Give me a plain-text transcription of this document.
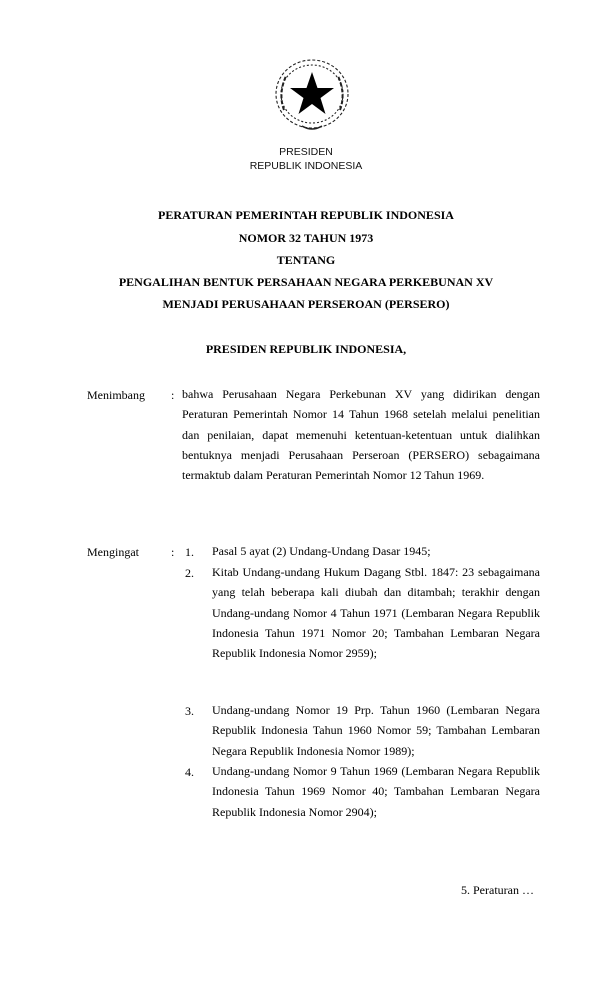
PRESIDEN
REPUBLIK INDONESIA
PERATURAN PEMERINTAH REPUBLIK INDONESIA
NOMOR 32 TAHUN 1973
TENTANG
PENGALIHAN BENTUK PERSAHAAN NEGARA PERKEBUNAN XV
MENJADI PERUSAHAAN PERSEROAN (PERSERO)
PRESIDEN REPUBLIK INDONESIA,
Menimbang : bahwa Perusahaan Negara Perkebunan XV yang didirikan dengan Peraturan Pemerintah Nomor 14 Tahun 1968 setelah melalui penelitian dan penilaian, dapat memenuhi ketentuan-ketentuan untuk dialihkan bentuknya menjadi Perusahaan Perseroan (PERSERO) sebagaimana termaktub dalam Peraturan Pemerintah Nomor 12 Tahun 1969.
Mengingat	: 1. Pasal 5 ayat (2) Undang-Undang Dasar 1945;
2. Kitab Undang-undang Hukum Dagang Stbl. 1847: 23 sebagaimana yang telah beberapa kali diubah dan ditambah; terakhir dengan Undang-undang Nomor 4 Tahun 1971 (Lembaran Negara Republik Indonesia Tahun 1971 Nomor 20; Tambahan Lembaran Negara Republik Indonesia Nomor 2959);
3. Undang-undang Nomor 19 Prp. Tahun 1960 (Lembaran Negara Republik Indonesia Tahun 1960 Nomor 59; Tambahan Lembaran Negara Republik Indonesia Nomor 1989);
4. Undang-undang Nomor 9 Tahun 1969 (Lembaran Negara Republik Indonesia Tahun 1969 Nomor 40; Tambahan Lembaran Negara Republik Indonesia Nomor 2904);
5. Peraturan …
